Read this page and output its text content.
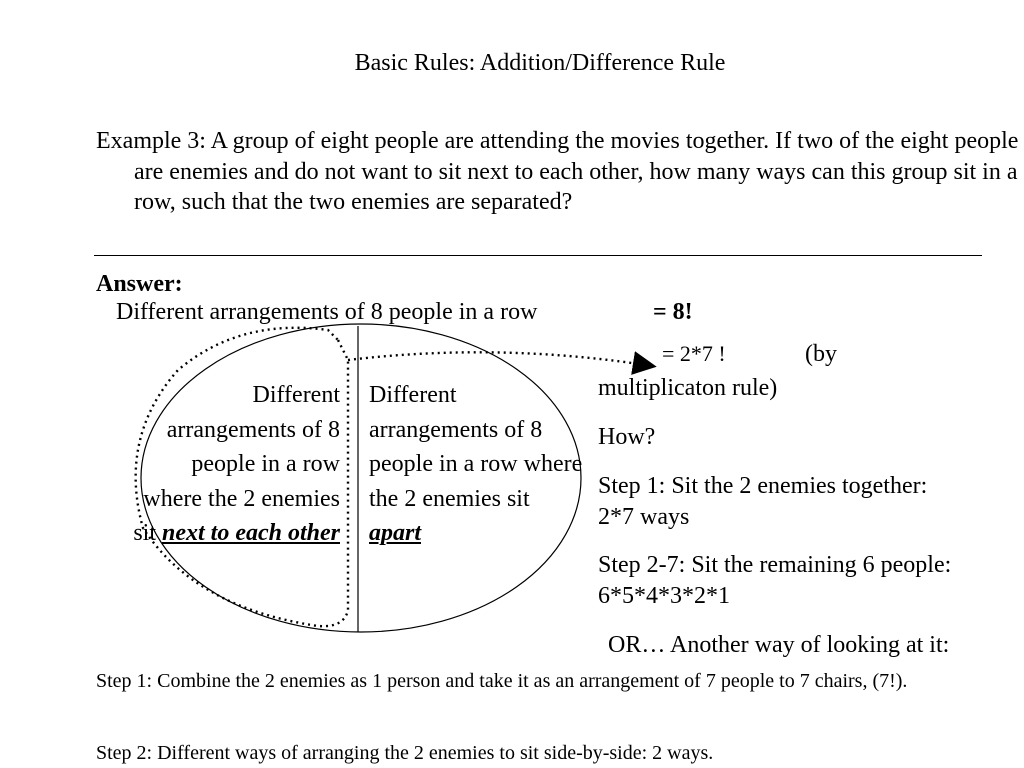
Basic Rules: Addition/Difference Rule
Example 3: A group of eight people are attending the movies together. If two of the eight people are enemies and do not want to sit next to each other, how many ways can this group sit in a row, such that the two enemies are separated?
Answer:
Different arrangements of 8 people in a row	= 8!
= 2*7 !	(by
multiplicaton rule)
How?
Step 1: Sit the 2 enemies together: 2*7 ways
Step 2-7: Sit the remaining 6 people: 6*5*4*3*2*1
OR… Another way of looking at it:
Step 1: Combine the 2 enemies as 1 person and take it as an arrangement of 7 people to 7 chairs, (7!).
Step 2: Different ways of arranging the 2 enemies to sit side-by-side: 2 ways.
Different arrangements of 8 people in a row where the 2 enemies sit next to each other
Different arrangements of 8 people in a row where the 2 enemies sit apart
